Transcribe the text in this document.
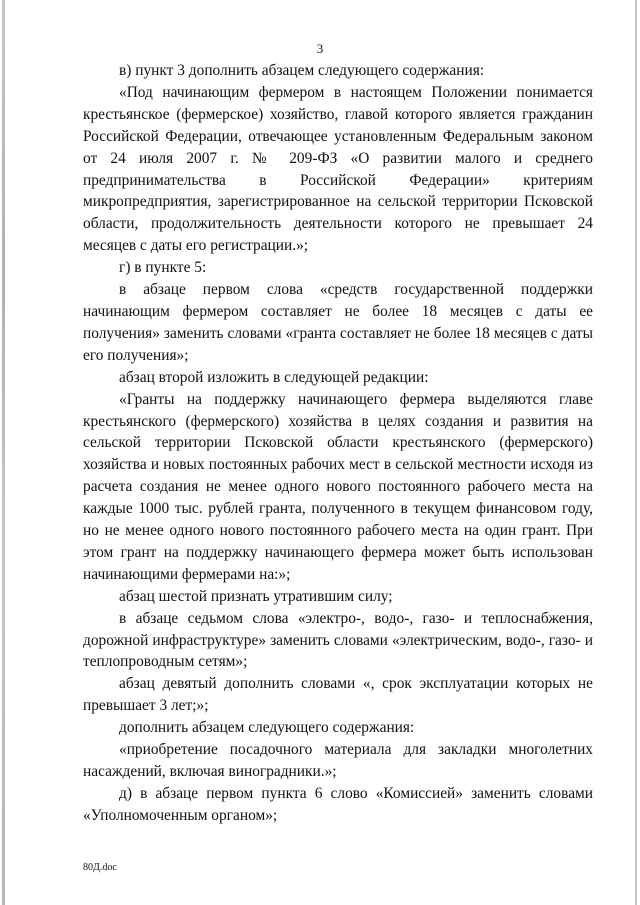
3

в) пункт 3 дополнить абзацем следующего содержания:

«Под начинающим фермером в настоящем Положении понимается крестьянское (фермерское) хозяйство, главой которого является гражданин Российской Федерации, отвечающее установленным Федеральным законом от 24 июля 2007 г. № 209-ФЗ «О развитии малого и среднего предпринимательства в Российской Федерации» критериям микропредприятия, зарегистрированное на сельской территории Псковской области, продолжительность деятельности которого не превышает 24 месяцев с даты его регистрации.»;

г) в пункте 5:

в абзаце первом слова «средств государственной поддержки начинающим фермером составляет не более 18 месяцев с даты ее получения» заменить словами «гранта составляет не более 18 месяцев с даты его получения»;

абзац второй изложить в следующей редакции:

«Гранты на поддержку начинающего фермера выделяются главе крестьянского (фермерского) хозяйства в целях создания и развития на сельской территории Псковской области крестьянского (фермерского) хозяйства и новых постоянных рабочих мест в сельской местности исходя из расчета создания не менее одного нового постоянного рабочего места на каждые 1000 тыс. рублей гранта, полученного в текущем финансовом году, но не менее одного нового постоянного рабочего места на один грант. При этом грант на поддержку начинающего фермера может быть использован начинающими фермерами на:»;

абзац шестой признать утратившим силу;

в абзаце седьмом слова «электро-, водо-, газо- и теплоснабжения, дорожной инфраструктуре» заменить словами «электрическим, водо-, газо- и теплопроводным сетям»;

абзац девятый дополнить словами «, срок эксплуатации которых не превышает 3 лет;»;

дополнить абзацем следующего содержания:

«приобретение посадочного материала для закладки многолетних насаждений, включая виноградники.»;

д) в абзаце первом пункта 6 слово «Комиссией» заменить словами «Уполномоченным органом»;

80Д.doc
